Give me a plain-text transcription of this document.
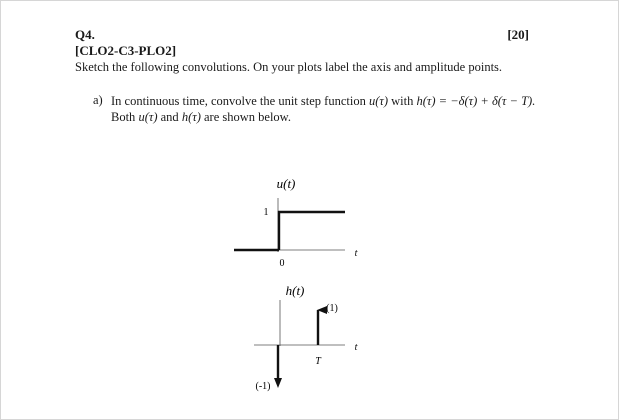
Q4.	[20]
[CLO2-C3-PLO2]
Sketch the following convolutions. On your plots label the axis and amplitude points.
a) In continuous time, convolve the unit step function u(τ) with h(τ) = −δ(τ) + δ(τ − T).
Both u(τ) and h(τ) are shown below.
u(t)
1
0
t
h(t)
(1)
(-1)
T
t
